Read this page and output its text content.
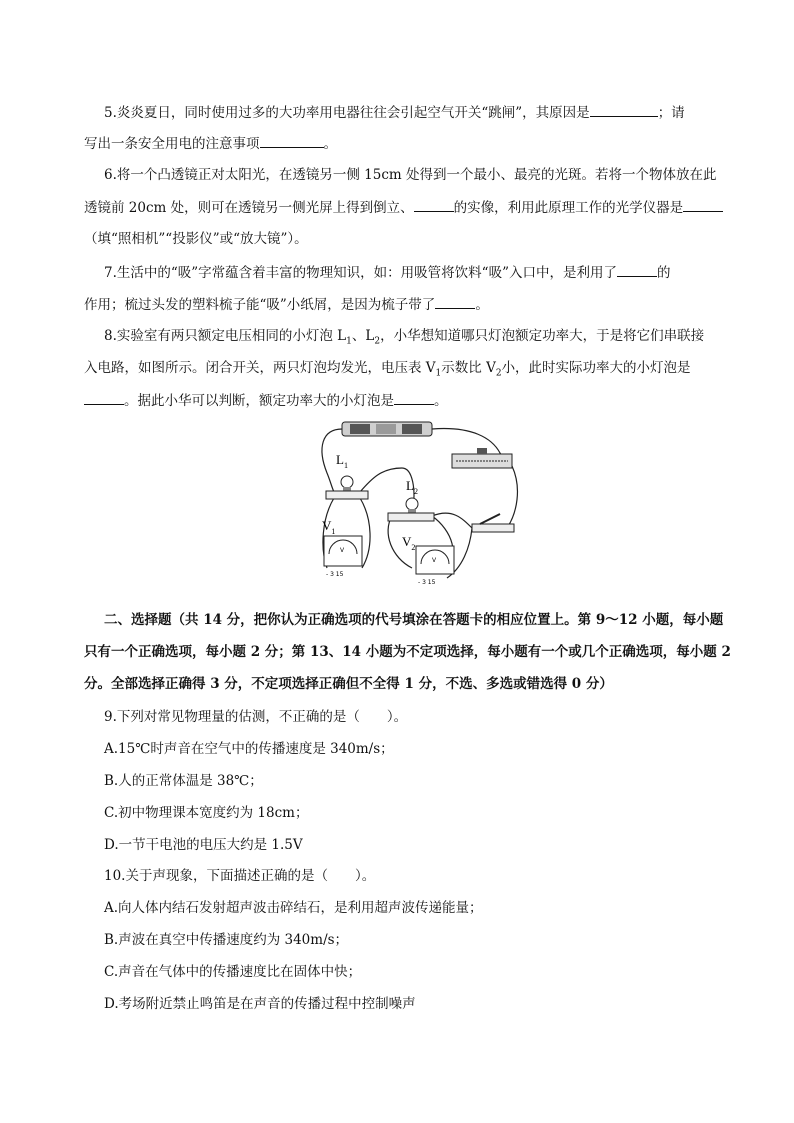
5.炎炎夏日，同时使用过多的大功率用电器往往会引起空气开关“跳闸”，其原因是	；请
写出一条安全用电的注意事项	。
6.将一个凸透镜正对太阳光，在透镜另一侧 15cm 处得到一个最小、最亮的光斑。若将一个物体放在此
透镜前 20cm 处，则可在透镜另一侧光屏上得到倒立、	的实像，利用此原理工作的光学仪器是
（填“照相机”“投影仪”或“放大镜”）。
7.生活中的“吸”字常蕴含着丰富的物理知识，如：用吸管将饮料“吸”入口中，是利用了	的
作用；梳过头发的塑料梳子能“吸”小纸屑，是因为梳子带了	。
8.实验室有两只额定电压相同的小灯泡 $L_1$、$L_2$，小华想知道哪只灯泡额定功率大，于是将它们串联接
入电路，如图所示。闭合开关，两只灯泡均发光，电压表 $V_1$示数比 $V_2$小，此时实际功率大的小灯泡是
。据此小华可以判断，额定功率大的小灯泡是	。
$L_1$
$L_2$
$V_1$
V
- 3 15
$V_2$
V
- 3 15
二、选择题（共 14 分，把你认为正确选项的代号填涂在答题卡的相应位置上。第 9～12 小题，每小题
只有一个正确选项，每小题 2 分；第 13、14 小题为不定项选择，每小题有一个或几个正确选项，每小题 2
分。全部选择正确得 3 分，不定项选择正确但不全得 1 分，不选、多选或错选得 0 分）
9.下列对常见物理量的估测，不正确的是（　　）。
A.15℃时声音在空气中的传播速度是 340m/s；
B.人的正常体温是 38℃；
C.初中物理课本宽度约为 18cm；
D.一节干电池的电压大约是 1.5V
10.关于声现象，下面描述正确的是（　　）。
A.向人体内结石发射超声波击碎结石，是利用超声波传递能量；
B.声波在真空中传播速度约为 340m/s；
C.声音在气体中的传播速度比在固体中快；
D.考场附近禁止鸣笛是在声音的传播过程中控制噪声
